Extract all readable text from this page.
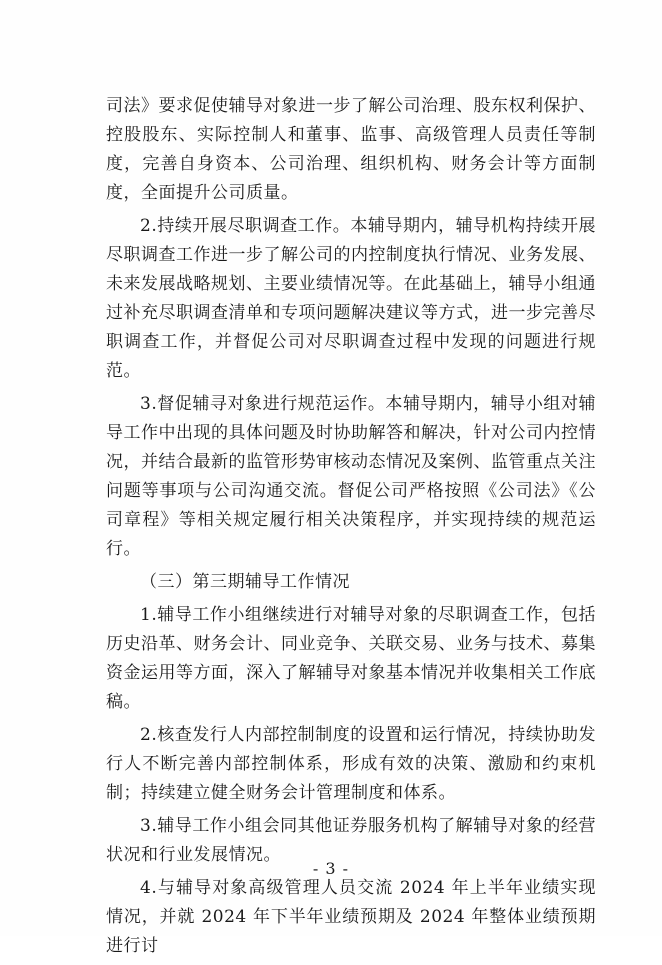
司法》要求促使辅导对象进一步了解公司治理、股东权利保护、控股股东、实际控制人和董事、监事、高级管理人员责任等制度，完善自身资本、公司治理、组织机构、财务会计等方面制度，全面提升公司质量。

2.持续开展尽职调查工作。本辅导期内，辅导机构持续开展尽职调查工作进一步了解公司的内控制度执行情况、业务发展、未来发展战略规划、主要业绩情况等。在此基础上，辅导小组通过补充尽职调查清单和专项问题解决建议等方式，进一步完善尽职调查工作，并督促公司对尽职调查过程中发现的问题进行规范。

3.督促辅寻对象进行规范运作。本辅导期内，辅导小组对辅导工作中出现的具体问题及时协助解答和解决，针对公司内控情况，并结合最新的监管形势审核动态情况及案例、监管重点关注问题等事项与公司沟通交流。督促公司严格按照《公司法》《公司章程》等相关规定履行相关决策程序，并实现持续的规范运行。

（三）第三期辅导工作情况

1.辅导工作小组继续进行对辅导对象的尽职调查工作，包括历史沿革、财务会计、同业竞争、关联交易、业务与技术、募集资金运用等方面，深入了解辅导对象基本情况并收集相关工作底稿。

2.核查发行人内部控制制度的设置和运行情况，持续协助发行人不断完善内部控制体系，形成有效的决策、激励和约束机制；持续建立健全财务会计管理制度和体系。

3.辅导工作小组会同其他证券服务机构了解辅导对象的经营状况和行业发展情况。

4.与辅导对象高级管理人员交流 2024 年上半年业绩实现情况，并就 2024 年下半年业绩预期及 2024 年整体业绩预期进行讨

- 3 -
